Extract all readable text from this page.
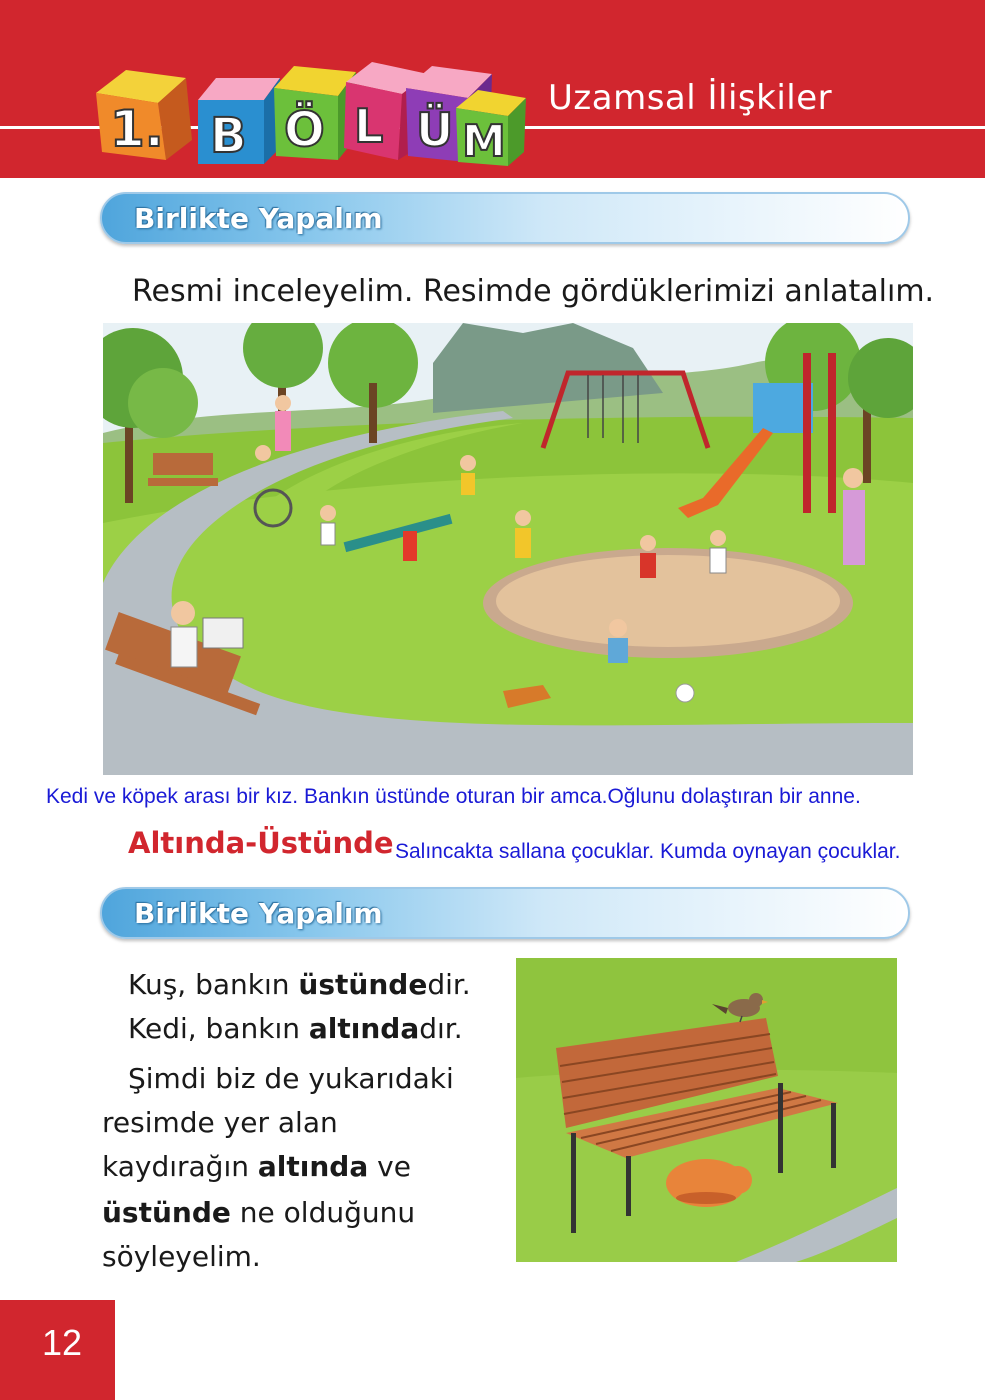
1. B Ö L Ü M
Uzamsal İlişkiler
Birlikte Yapalım
Resmi inceleyelim. Resimde gördüklerimizi anlatalım.
Kedi ve köpek arası bir kız. Bankın üstünde oturan bir amca.Oğlunu dolaştıran bir anne.
Altında-Üstünde Salıncakta sallana çocuklar. Kumda oynayan çocuklar.
Birlikte Yapalım
Kuş, bankın üstündedir.
Kedi, bankın altındadır.
Şimdi biz de yukarıdaki
resimde yer alan
kaydırağın altında ve
üstünde ne olduğunu
söyleyelim.
12
